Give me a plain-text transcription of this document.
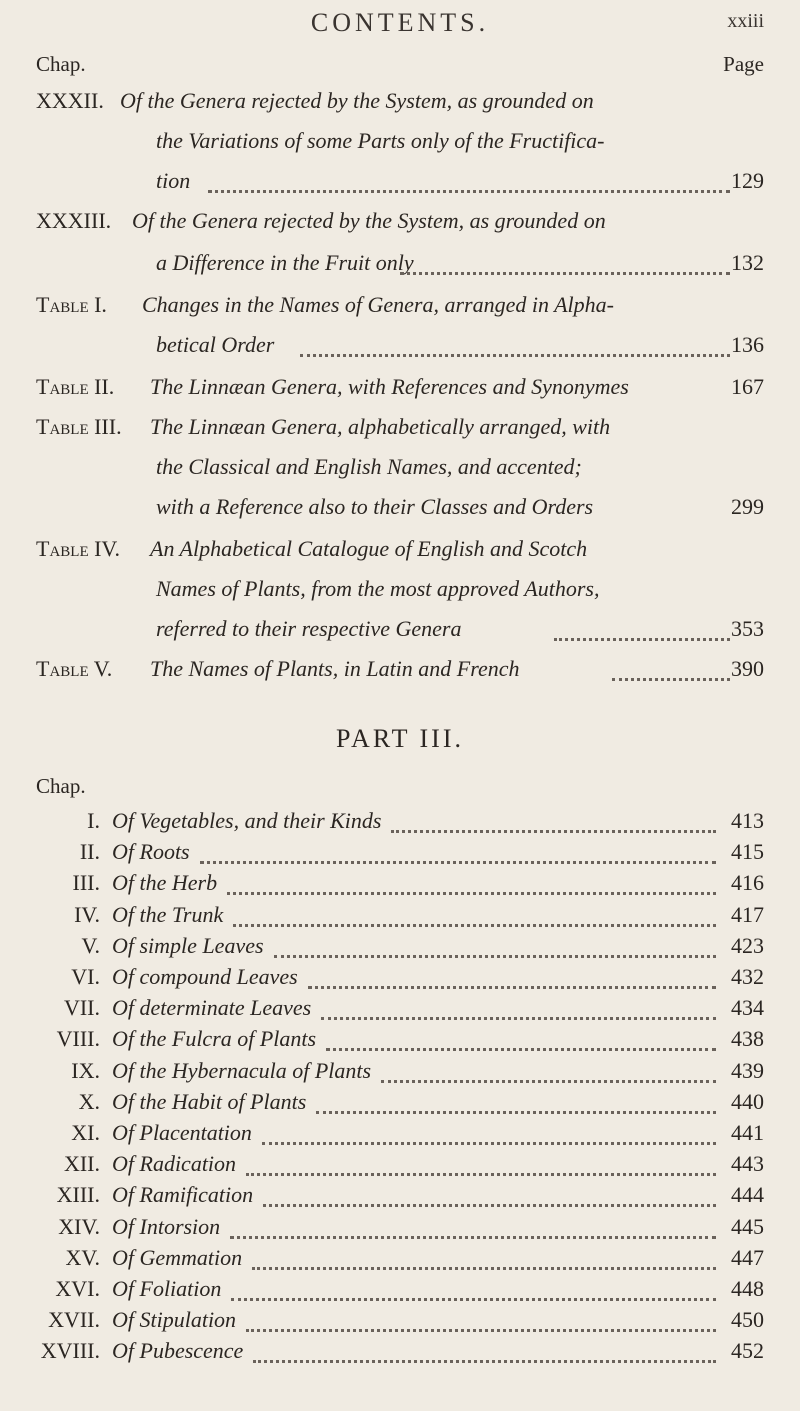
CONTENTS.	xxiii
Chap.	Page
XXXII. Of the Genera rejected by the System, as grounded on
the Variations of some Parts only of the Fructifica-
tion	129
XXXIII. Of the Genera rejected by the System, as grounded on
a Difference in the Fruit only	132
Table I. Changes in the Names of Genera, arranged in Alpha-
betical Order	136
Table II. The Linnæan Genera, with References and Synonymes	167
Table III. The Linnæan Genera, alphabetically arranged, with
the Classical and English Names, and accented;
with a Reference also to their Classes and Orders	299
Table IV. An Alphabetical Catalogue of English and Scotch
Names of Plants, from the most approved Authors,
referred to their respective Genera	353
Table V. The Names of Plants, in Latin and French	390
PART III.
Chap.
I. Of Vegetables, and their Kinds	413
II. Of Roots	415
III. Of the Herb	416
IV. Of the Trunk	417
V. Of simple Leaves	423
VI. Of compound Leaves	432
VII. Of determinate Leaves	434
VIII. Of the Fulcra of Plants	438
IX. Of the Hybernacula of Plants	439
X. Of the Habit of Plants	440
XI. Of Placentation	441
XII. Of Radication	443
XIII. Of Ramification	444
XIV. Of Intorsion	445
XV. Of Gemmation	447
XVI. Of Foliation	448
XVII. Of Stipulation	450
XVIII. Of Pubescence	452
